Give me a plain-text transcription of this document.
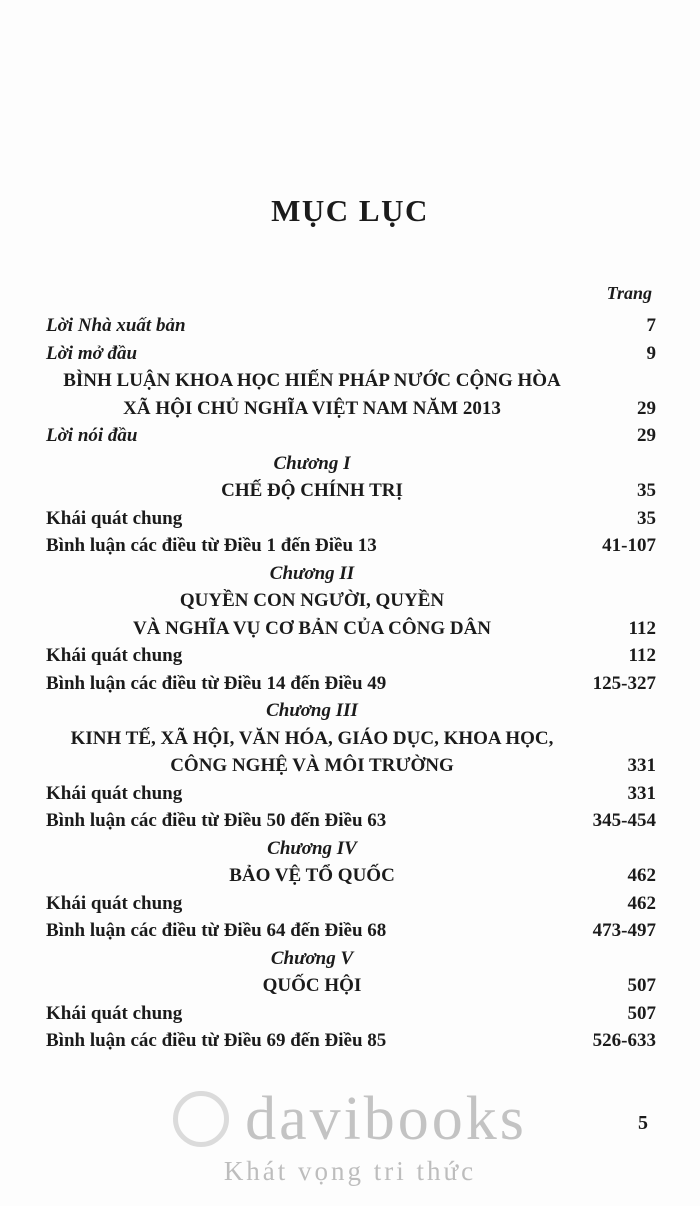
MỤC LỤC
Trang
Lời Nhà xuất bản	7
Lời mở đầu	9
BÌNH LUẬN KHOA HỌC HIẾN PHÁP NƯỚC CỘNG HÒA
XÃ HỘI CHỦ NGHĨA VIỆT NAM NĂM 2013	29
Lời nói đầu	29
Chương I
CHẾ ĐỘ CHÍNH TRỊ	35
Khái quát chung	35
Bình luận các điều từ Điều 1 đến Điều 13	41-107
Chương II
QUYỀN CON NGƯỜI, QUYỀN
VÀ NGHĨA VỤ CƠ BẢN CỦA CÔNG DÂN	112
Khái quát chung	112
Bình luận các điều từ Điều 14 đến Điều 49	125-327
Chương III
KINH TẾ, XÃ HỘI, VĂN HÓA, GIÁO DỤC, KHOA HỌC,
CÔNG NGHỆ VÀ MÔI TRƯỜNG	331
Khái quát chung	331
Bình luận các điều từ Điều 50 đến Điều 63	345-454
Chương IV
BẢO VỆ TỔ QUỐC	462
Khái quát chung	462
Bình luận các điều từ Điều 64 đến Điều 68	473-497
Chương V
QUỐC HỘI	507
Khái quát chung	507
Bình luận các điều từ Điều 69 đến Điều 85	526-633
davibooks
Khát vọng tri thức
5
